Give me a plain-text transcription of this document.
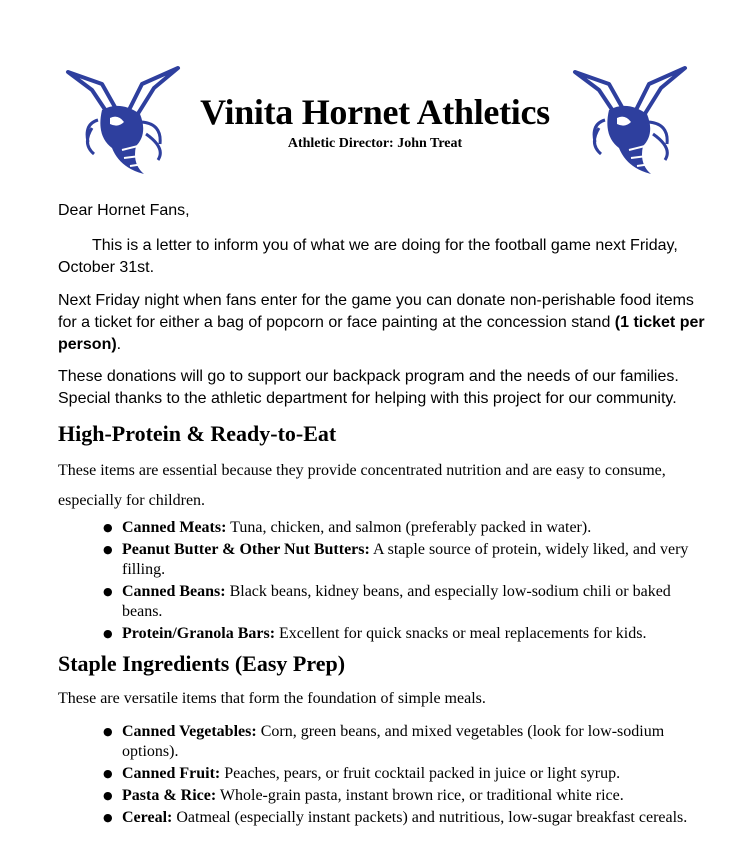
Vinita Hornet Athletics
Athletic Director: John Treat

Dear Hornet Fans,

This is a letter to inform you of what we are doing for the football game next Friday, October 31st.

Next Friday night when fans enter for the game you can donate non-perishable food items for a ticket for either a bag of popcorn or face painting at the concession stand (1 ticket per person).

These donations will go to support our backpack program and the needs of our families. Special thanks to the athletic department for helping with this project for our community.

High-Protein & Ready-to-Eat

These items are essential because they provide concentrated nutrition and are easy to consume, especially for children.

● Canned Meats: Tuna, chicken, and salmon (preferably packed in water).
● Peanut Butter & Other Nut Butters: A staple source of protein, widely liked, and very filling.
● Canned Beans: Black beans, kidney beans, and especially low-sodium chili or baked beans.
● Protein/Granola Bars: Excellent for quick snacks or meal replacements for kids.
Staple Ingredients (Easy Prep)

These are versatile items that form the foundation of simple meals.

● Canned Vegetables: Corn, green beans, and mixed vegetables (look for low-sodium options).
● Canned Fruit: Peaches, pears, or fruit cocktail packed in juice or light syrup.
● Pasta & Rice: Whole-grain pasta, instant brown rice, or traditional white rice.
● Cereal: Oatmeal (especially instant packets) and nutritious, low-sugar breakfast cereals.
